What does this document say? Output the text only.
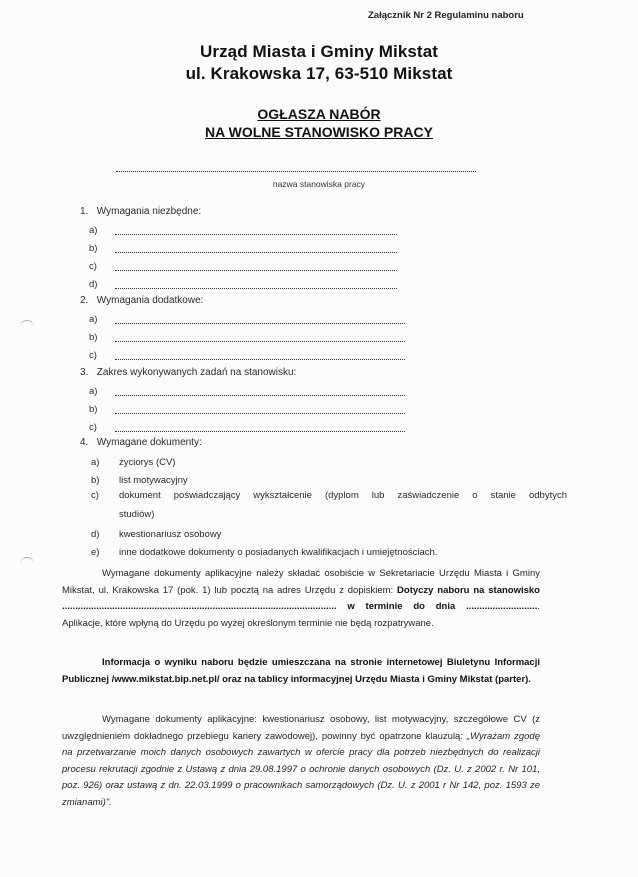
Załącznik Nr 2 Regulaminu naboru
Urząd Miasta i Gminy Mikstat
ul. Krakowska 17, 63-510 Mikstat
OGŁASZA NABÓR
NA WOLNE STANOWISKO PRACY
nazwa stanowiska pracy
1. Wymagania niezbędne:
a)
b)
c)
d)
2. Wymagania dodatkowe:
a)
b)
c)
3. Zakres wykonywanych zadań na stanowisku:
a)
b)
c)
4. Wymagane dokumenty:
a) życiorys (CV)
b) list motywacyjny
c) dokument poświadczający wykształcenie (dyplom lub zaświadczenie o stanie odbytych
studiów)
d) kwestionariusz osobowy
e) inne dodatkowe dokumenty o posiadanych kwalifikacjach i umiejętnościach.
Wymagane dokumenty aplikacyjne należy składać osobiście w Sekretariacie Urzędu Miasta i Gminy Mikstat, ul. Krakowska 17 (pok. 1) lub pocztą na adres Urzędu z dopiskiem: Dotyczy naboru na stanowisko ........................................................................................................ w terminie do dnia ............................ Aplikacje, które wpłyną do Urzędu po wyżej określonym terminie nie będą rozpatrywane.
Informacja o wyniku naboru będzie umieszczana na stronie internetowej Biuletynu Informacji Publicznej /www.mikstat.bip.net.pl/ oraz na tablicy informacyjnej Urzędu Miasta i Gminy Mikstat (parter).
Wymagane dokumenty aplikacyjne: kwestionariusz osobowy, list motywacyjny, szczegółowe CV (z uwzględnieniem dokładnego przebiegu kariery zawodowej), powinny być opatrzone klauzulą: „Wyrażam zgodę na przetwarzanie moich danych osobowych zawartych w ofercie pracy dla potrzeb niezbędnych do realizacji procesu rekrutacji zgodnie z Ustawą z dnia 29.08.1997 o ochronie danych osobowych (Dz. U. z 2002 r. Nr 101, poz. 926) oraz ustawą z dn. 22.03.1999 o pracownikach samorządowych (Dz. U. z 2001 r Nr 142, poz. 1593 ze zmianami)".
